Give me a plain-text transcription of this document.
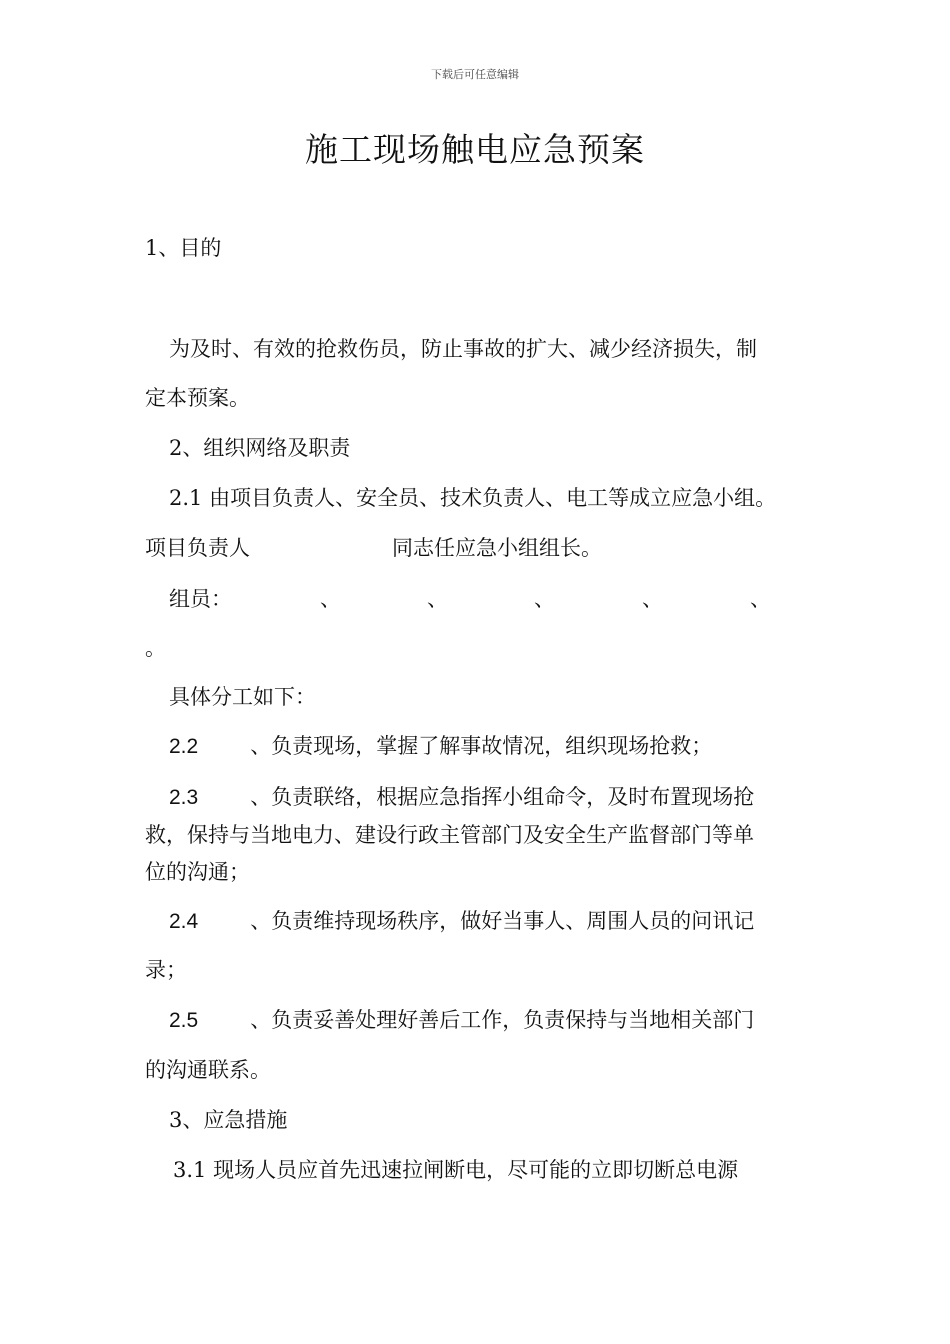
下载后可任意编辑
施工现场触电应急预案

1、目的

为及时、有效的抢救伤员，防止事故的扩大、减少经济损失，制

定本预案。

2、组织网络及职责

2.1 由项目负责人、安全员、技术负责人、电工等成立应急小组。

项目负责人	同志任应急小组组长。

组员：	、	、	、	、	、

。

具体分工如下：

2.2 、负责现场，掌握了解事故情况，组织现场抢救；

2.3 、负责联络，根据应急指挥小组命令，及时布置现场抢

救，保持与当地电力、建设行政主管部门及安全生产监督部门等单

位的沟通；

2.4 、负责维持现场秩序，做好当事人、周围人员的问讯记

录；

2.5 、负责妥善处理好善后工作，负责保持与当地相关部门

的沟通联系。

3、应急措施

3.1 现场人员应首先迅速拉闸断电，尽可能的立即切断总电源
